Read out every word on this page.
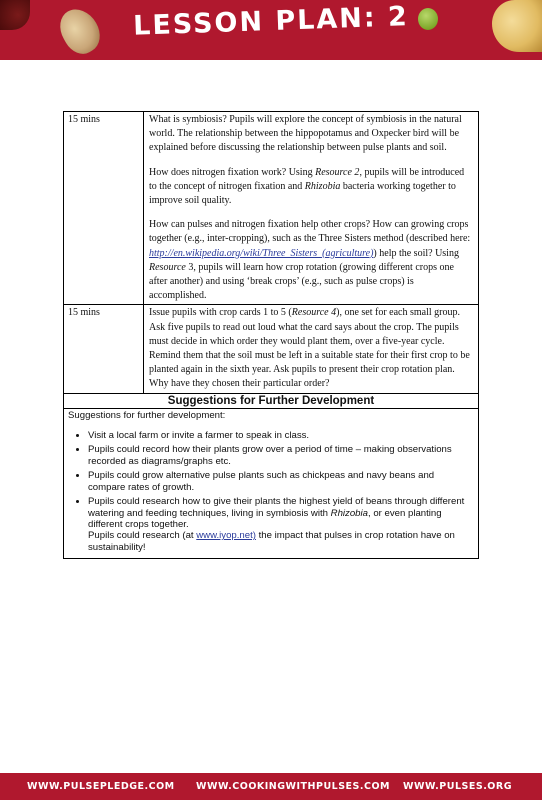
LESSON PLAN: 2
15 mins	What is symbiosis? Pupils will explore the concept of symbiosis in the natural world. The relationship between the hippopotamus and Oxpecker bird will be explained before discussing the relationship between pulse plants and soil.

How does nitrogen fixation work? Using Resource 2, pupils will be introduced to the concept of nitrogen fixation and Rhizobia bacteria working together to improve soil quality.

How can pulses and nitrogen fixation help other crops? How can growing crops together (e.g., inter-cropping), such as the Three Sisters method (described here: http://en.wikipedia.org/wiki/Three_Sisters_(agriculture)) help the soil? Using Resource 3, pupils will learn how crop rotation (growing different crops one after another) and using ‘break crops’ (e.g., such as pulse crops) is accomplished.

15 mins	Issue pupils with crop cards 1 to 5 (Resource 4), one set for each small group. Ask five pupils to read out loud what the card says about the crop. The pupils must decide in which order they would plant them, over a five-year cycle. Remind them that the soil must be left in a suitable state for their first crop to be planted again in the sixth year. Ask pupils to present their crop rotation plan. Why have they chosen their particular order?

Suggestions for Further Development
Suggestions for further development:
• Visit a local farm or invite a farmer to speak in class.
• Pupils could record how their plants grow over a period of time – making observations recorded as diagrams/graphs etc.
• Pupils could grow alternative pulse plants such as chickpeas and navy beans and compare rates of growth.
• Pupils could research how to give their plants the highest yield of beans through different watering and feeding techniques, living in symbiosis with Rhizobia, or even planting different crops together.
Pupils could research (at www.iyop.net) the impact that pulses in crop rotation have on sustainability!
WWW.PULSEPLEDGE.COM WWW.COOKINGWITHPULSES.COM WWW.PULSES.ORG
